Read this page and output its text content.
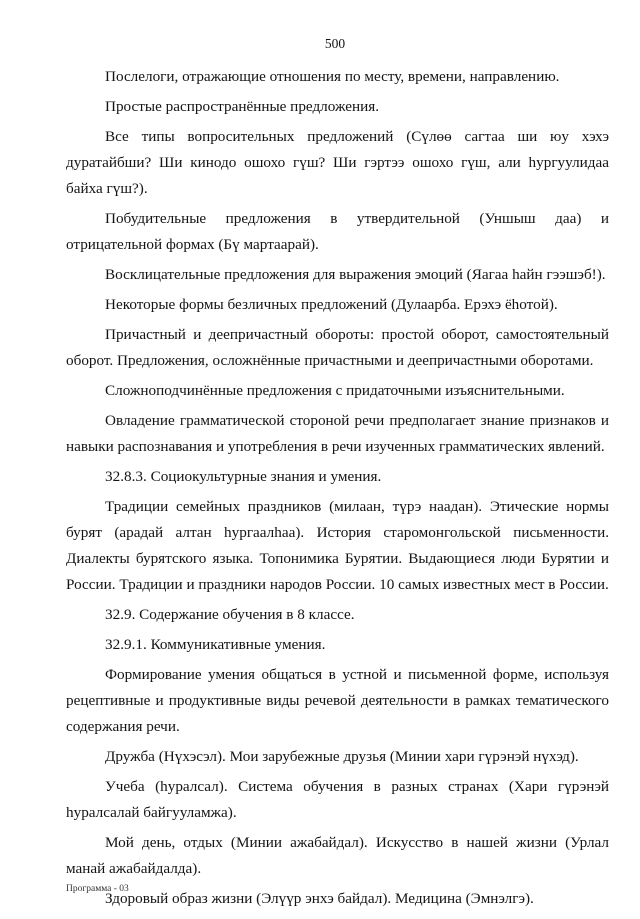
500

Послелоги, отражающие отношения по месту, времени, направлению.

Простые распространённые предложения.

Все типы вопросительных предложений (Сүлөө сагтаа ши юу хэхэ дуратайбши? Ши кинодо ошохо гүш? Ши гэртээ ошохо гүш, али hургуулидаа байха гүш?).

Побудительные предложения в утвердительной (Уншыш даа) и отрицательной формах (Бү мартаарай).

Восклицательные предложения для выражения эмоций (Яагаа hайн гээшэб!).

Некоторые формы безличных предложений (Дулаарба. Ерэхэ ёhотой).

Причастный и деепричастный обороты: простой оборот, самостоятельный оборот. Предложения, осложнённые причастными и деепричастными оборотами.

Сложноподчинённые предложения с придаточными изъяснительными.

Овладение грамматической стороной речи предполагает знание признаков и навыки распознавания и употребления в речи изученных грамматических явлений.

32.8.3. Социокультурные знания и умения.

Традиции семейных праздников (милаан, түрэ наадан). Этические нормы бурят (арадай алтан hургаалhаа). История старомонгольской письменности. Диалекты бурятского языка. Топонимика Бурятии. Выдающиеся люди Бурятии и России. Традиции и праздники народов России. 10 самых известных мест в России.

32.9. Содержание обучения в 8 классе.

32.9.1. Коммуникативные умения.

Формирование умения общаться в устной и письменной форме, используя рецептивные и продуктивные виды речевой деятельности в рамках тематического содержания речи.

Дружба (Нүхэсэл). Мои зарубежные друзья (Минии хари гүрэнэй нүхэд).

Учеба (hуралсал). Система обучения в разных странах (Хари гүрэнэй hуралсалай байгууламжа).

Мой день, отдых (Минии ажабайдал). Искусство в нашей жизни (Урлал манай ажабайдалда).

Здоровый образ жизни (Элүүр энхэ байдал). Медицина (Эмнэлгэ).

Программа - 03
